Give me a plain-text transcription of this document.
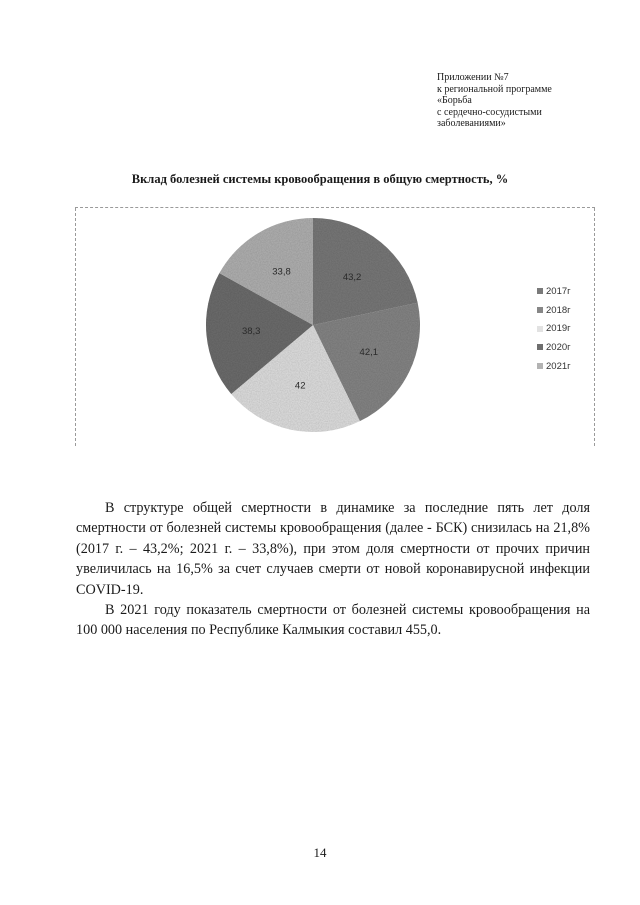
Приложении №7
к региональной программе
«Борьба
с сердечно-сосудистыми
заболеваниями»
Вклад болезней системы кровообращения в общую смертность, %
43,2
42,1
42
38,3
33,8
2017г
2018г
2019г
2020г
2021г

В структуре общей смертности в динамике за последние пять лет доля смертности от болезней системы кровообращения (далее - БСК) снизилась на 21,8% (2017 г. – 43,2%; 2021 г. – 33,8%), при этом доля смертности от прочих причин увеличилась на 16,5% за счет случаев смерти от новой коронавирусной инфекции COVID-19.

В 2021 году показатель смертности от болезней системы кровообращения на 100 000 населения по Республике Калмыкия составил 455,0.

14
